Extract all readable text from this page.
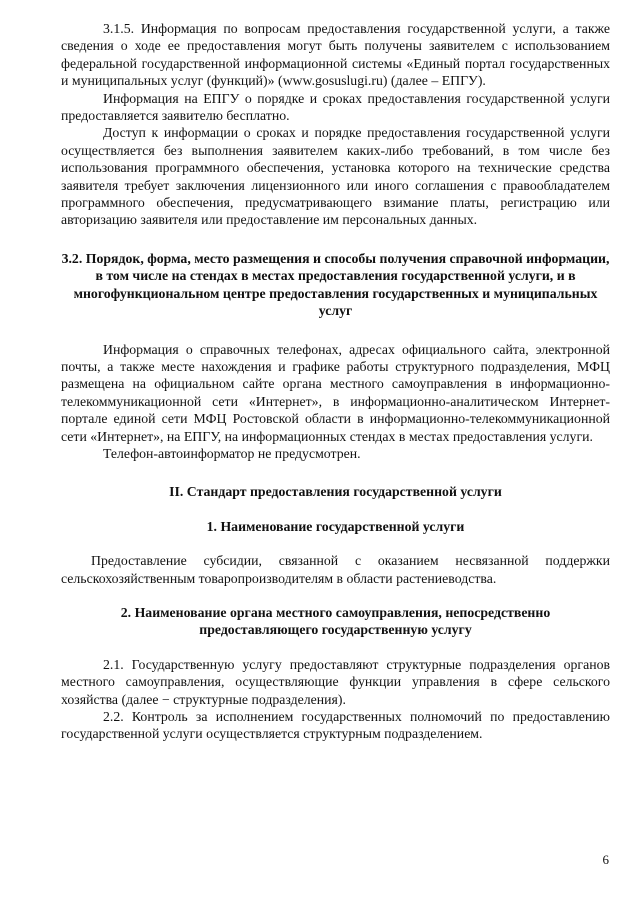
3.1.5. Информация по вопросам предоставления государственной услуги, а также сведения о ходе ее предоставления могут быть получены заявителем с использованием федеральной государственной информационной системы «Единый портал государственных и муниципальных услуг (функций)» (www.gosuslugi.ru) (далее – ЕПГУ).

Информация на ЕПГУ о порядке и сроках предоставления государственной услуги предоставляется заявителю бесплатно.

Доступ к информации о сроках и порядке предоставления государственной услуги осуществляется без выполнения заявителем каких-либо требований, в том числе без использования программного обеспечения, установка которого на технические средства заявителя требует заключения лицензионного или иного соглашения с правообладателем программного обеспечения, предусматривающего взимание платы, регистрацию или авторизацию заявителя или предоставление им персональных данных.

3.2. Порядок, форма, место размещения и способы получения справочной информации, в том числе на стендах в местах предоставления государственной услуги, и в многофункциональном центре предоставления государственных и муниципальных услуг

Информация о справочных телефонах, адресах официального сайта, электронной почты, а также месте нахождения и графике работы структурного подразделения, МФЦ размещена на официальном сайте органа местного самоуправления в информационно-телекоммуникационной сети «Интернет», в информационно-аналитическом Интернет-портале единой сети МФЦ Ростовской области в информационно-телекоммуникационной сети «Интернет», на ЕПГУ, на информационных стендах в местах предоставления услуги.

Телефон-автоинформатор не предусмотрен.

II. Стандарт предоставления государственной услуги
1. Наименование государственной услуги

Предоставление субсидии, связанной с оказанием несвязанной поддержки сельскохозяйственным товаропроизводителям в области растениеводства.

2. Наименование органа местного самоуправления, непосредственно предоставляющего государственную услугу

2.1. Государственную услугу предоставляют структурные подразделения органов местного самоуправления, осуществляющие функции управления в сфере сельского хозяйства (далее − структурные подразделения).

2.2. Контроль за исполнением государственных полномочий по предоставлению государственной услуги осуществляется структурным подразделением.

6
